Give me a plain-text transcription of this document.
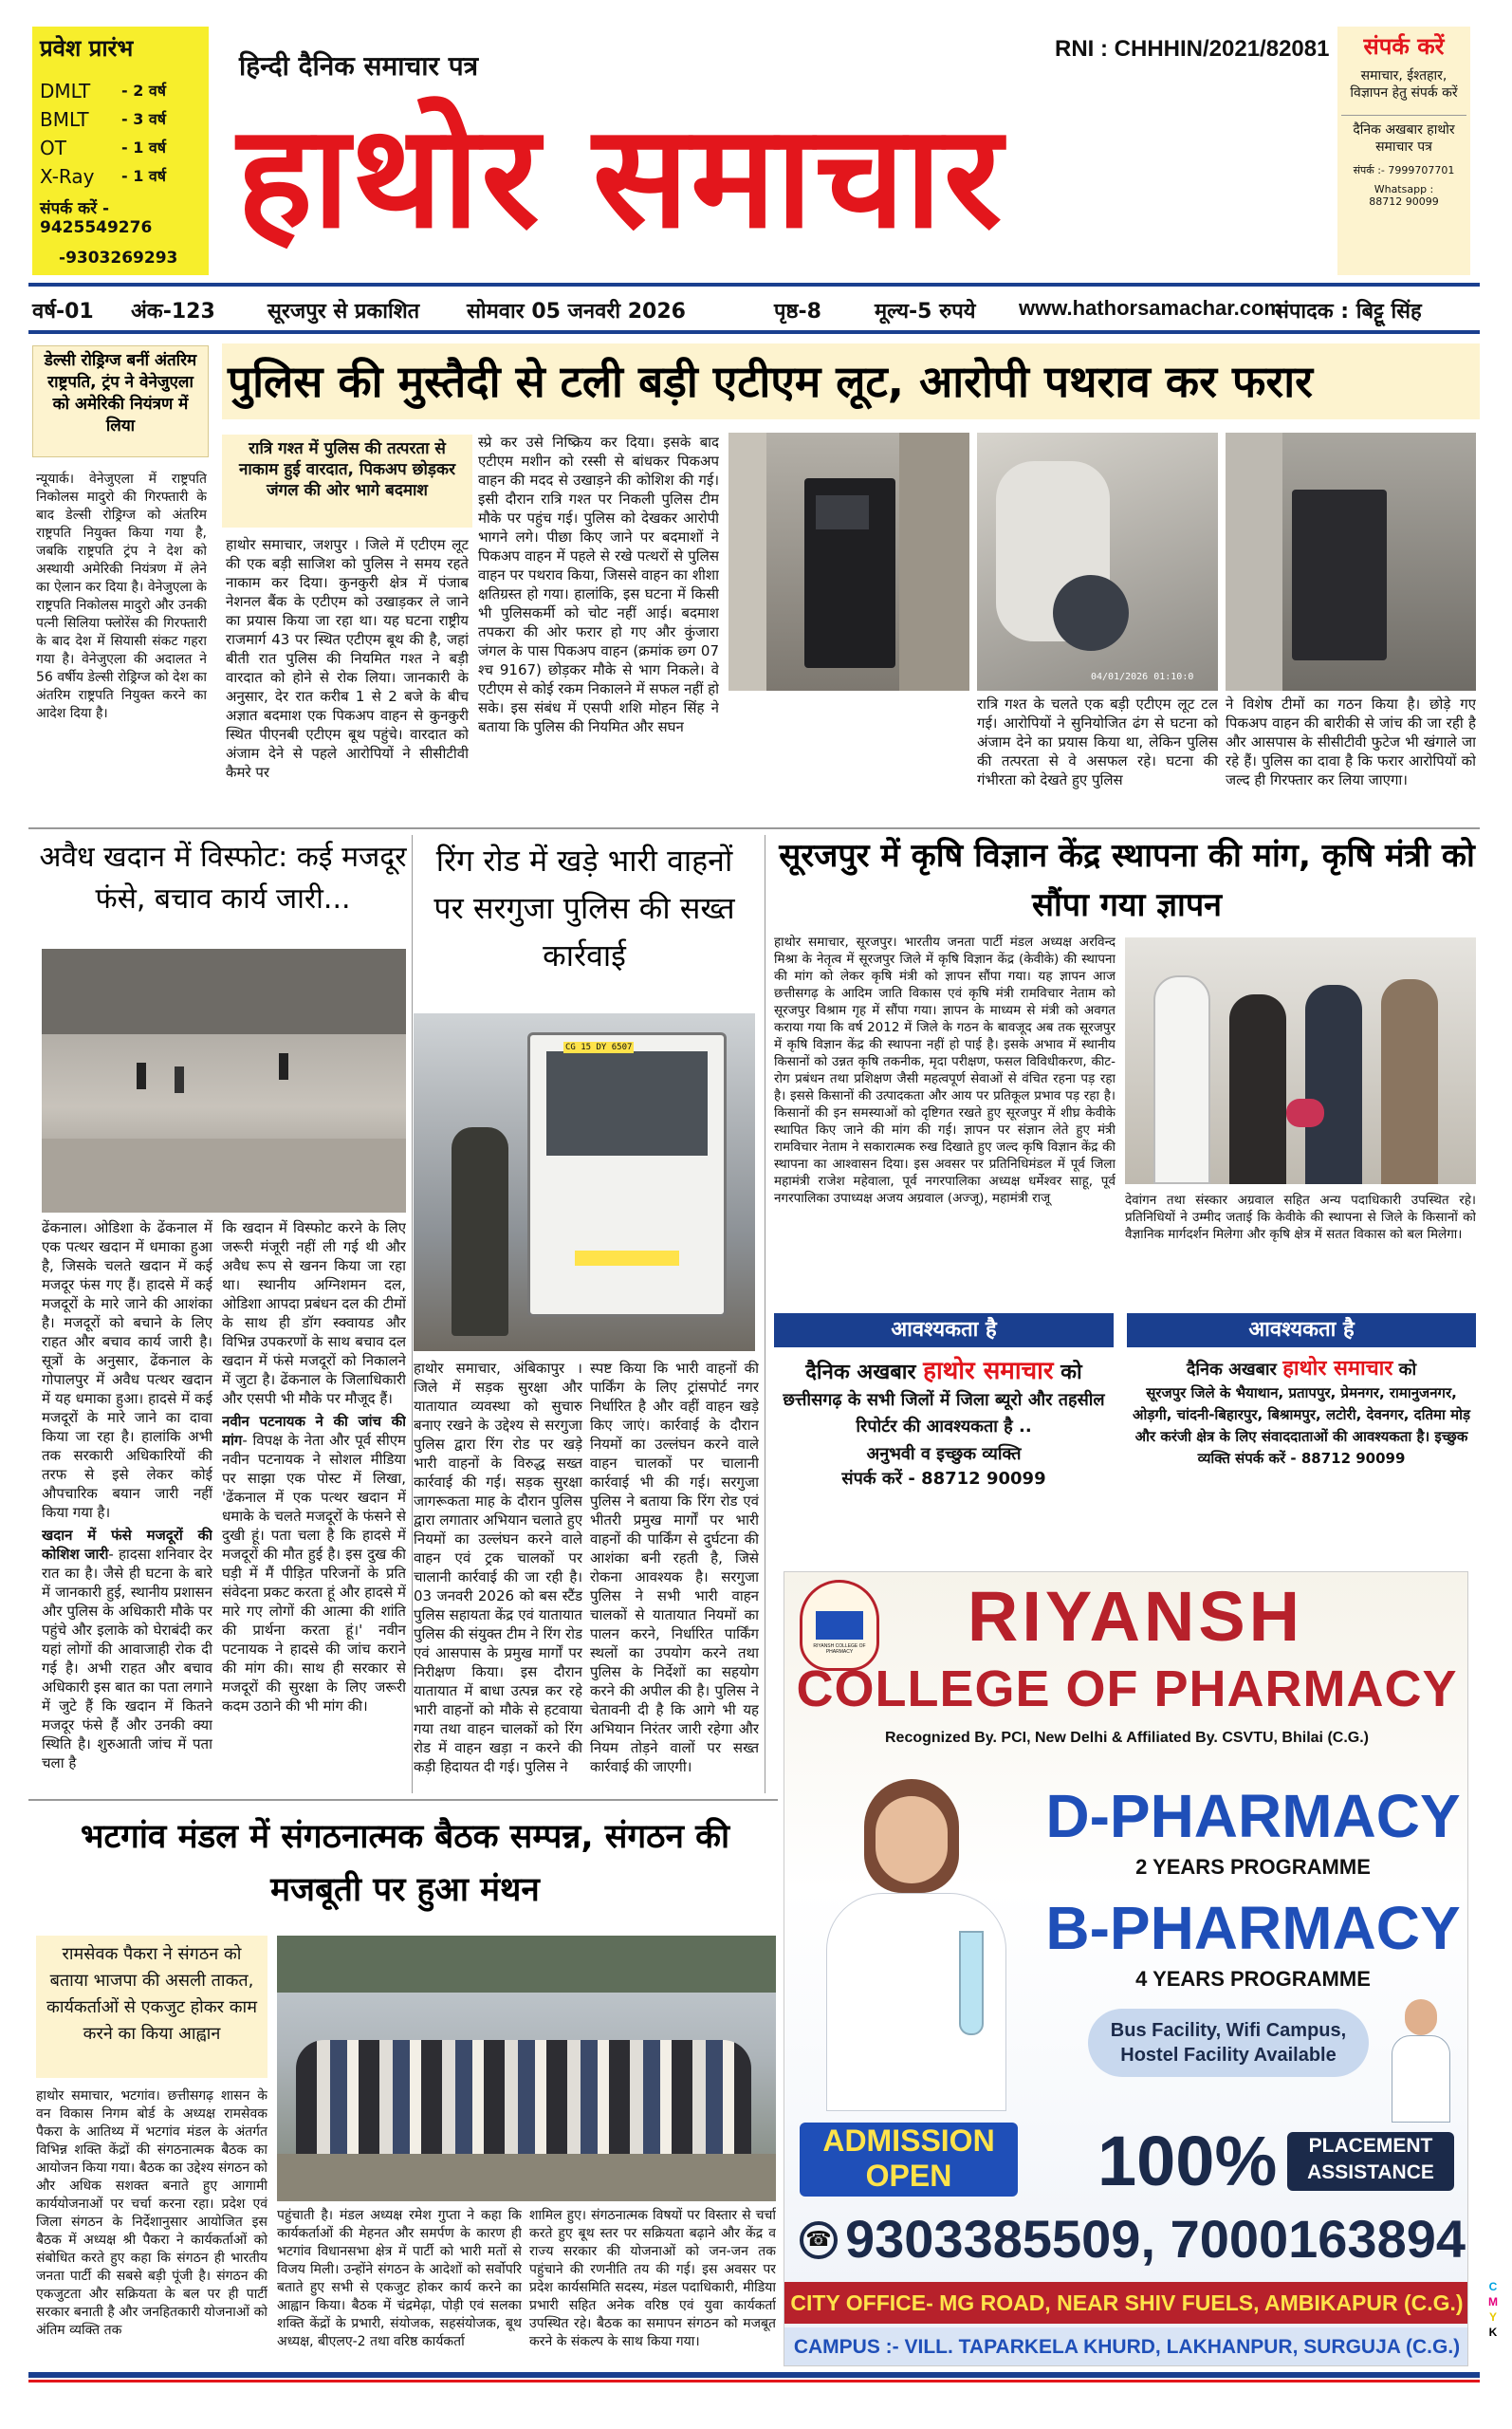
प्रवेश प्रारंभ
DMLT	- 2 वर्ष
BMLT	- 3 वर्ष
OT	- 1 वर्ष
X-Ray	- 1 वर्ष
संपर्क करें - 9425549276
-9303269293
हिन्दी दैनिक समाचार पत्र
हाथोर समाचार
RNI : CHHHIN/2021/82081	संपर्क करें
समाचार, ईश्तहार, विज्ञापन हेतु संपर्क करें
दैनिक अखबार हाथोर समाचार पत्र
संपर्क :- 7999707701
Whatsapp :
88712 90099
वर्ष-01 अंक-123	सूरजपुर से प्रकाशित सोमवार 05 जनवरी 2026	पृष्ठ-8	मूल्य-5 रुपये www.hathorsamachar.com
संपादक : बिट्टू सिंह
डेल्सी रोड्रिग्ज बनीं अंतरिम राष्ट्रपति, ट्रंप ने वेनेजुएला को अमेरिकी नियंत्रण में लिया
न्यूयार्क। वेनेजुएला में राष्ट्रपति निकोलस मादुरो की गिरफ्तारी के बाद डेल्सी रोड्रिग्ज को अंतरिम राष्ट्रपति नियुक्त किया गया है, जबकि राष्ट्रपति ट्रंप ने देश को अस्थायी अमेरिकी नियंत्रण में लेने का ऐलान कर दिया है। वेनेजुएला के राष्ट्रपति निकोलस मादुरो और उनकी पत्नी सिलिया फ्लोरेंस की गिरफ्तारी के बाद देश में सियासी संकट गहरा गया है। वेनेजुएला की अदालत ने 56 वर्षीय डेल्सी रोड्रिग्ज को देश का अंतरिम राष्ट्रपति नियुक्त करने का आदेश दिया है।
पुलिस की मुस्तैदी से टली बड़ी एटीएम लूट, आरोपी पथराव कर फरार
रात्रि गश्त में पुलिस की तत्परता से नाकाम हुई वारदात, पिकअप छोड़कर जंगल की ओर भागे बदमाश
हाथोर समाचार, जशपुर । जिले में एटीएम लूट की एक बड़ी साजिश को पुलिस ने समय रहते नाकाम कर दिया। कुनकुरी क्षेत्र में पंजाब नेशनल बैंक के एटीएम को उखाड़कर ले जाने का प्रयास किया जा रहा था। यह घटना राष्ट्रीय राजमार्ग 43 पर स्थित एटीएम बूथ की है, जहां बीती रात पुलिस की नियमित गश्त ने बड़ी वारदात को होने से रोक लिया। जानकारी के अनुसार, देर रात करीब 1 से 2 बजे के बीच अज्ञात बदमाश एक पिकअप वाहन से कुनकुरी स्थित पीएनबी एटीएम बूथ पहुंचे। वारदात को अंजाम देने से पहले आरोपियों ने सीसीटीवी कैमरे पर
स्प्रे कर उसे निष्क्रिय कर दिया। इसके बाद एटीएम मशीन को रस्सी से बांधकर पिकअप वाहन की मदद से उखाड़ने की कोशिश की गई। इसी दौरान रात्रि गश्त पर निकली पुलिस टीम मौके पर पहुंच गई। पुलिस को देखकर आरोपी भागने लगे। पीछा किए जाने पर बदमाशों ने पिकअप वाहन में पहले से रखे पत्थरों से पुलिस वाहन पर पथराव किया, जिससे वाहन का शीशा क्षतिग्रस्त हो गया। हालांकि, इस घटना में किसी भी पुलिसकर्मी को चोट नहीं आई। बदमाश तपकरा की ओर फरार हो गए और कुंजारा जंगल के पास पिकअप वाहन (क्रमांक छ्ग 07 श्च 9167) छोड़कर मौके से भाग निकले। वे एटीएम से कोई रकम निकालने में सफल नहीं हो सके। इस संबंध में एसपी शशि मोहन सिंह ने बताया कि पुलिस की नियमित और सघन
04/01/2026 01:10:0
रात्रि गश्त के चलते एक बड़ी एटीएम लूट टल गई। आरोपियों ने सुनियोजित ढंग से घटना को अंजाम देने का प्रयास किया था, लेकिन पुलिस की तत्परता से वे असफल रहे। घटना की गंभीरता को देखते हुए पुलिस
ने विशेष टीमों का गठन किया है। छोड़े गए पिकअप वाहन की बारीकी से जांच की जा रही है और आसपास के सीसीटीवी फुटेज भी खंगाले जा रहे हैं। पुलिस का दावा है कि फरार आरोपियों को जल्द ही गिरफ्तार कर लिया जाएगा।
अवैध खदान में विस्फोट: कई मजदूर फंसे, बचाव कार्य जारी...

ढेंकनाल। ओडिशा के ढेंकनाल में एक पत्थर खदान में धमाका हुआ है, जिसके चलते खदान में कई मजदूर फंस गए हैं। हादसे में कई मजदूरों के मारे जाने की आशंका है। मजदूरों को बचाने के लिए राहत और बचाव कार्य जारी है। सूत्रों के अनुसार, ढेंकनाल के गोपालपुर में अवैध पत्थर खदान में यह धमाका हुआ। हादसे में कई मजदूरों के मारे जाने का दावा किया जा रहा है। हालांकि अभी तक सरकारी अधिकारियों की तरफ से इसे लेकर कोई औपचारिक बयान जारी नहीं किया गया है।

खदान में फंसे मजदूरों की कोशिश जारी- हादसा शनिवार देर रात का है। जैसे ही घटना के बारे में जानकारी हुई, स्थानीय प्रशासन और पुलिस के अधिकारी मौके पर पहुंचे और इलाके को घेराबंदी कर यहां लोगों की आवाजाही रोक दी गई है। अभी राहत और बचाव अधिकारी इस बात का पता लगाने में जुटे हैं कि खदान में कितने मजदूर फंसे हैं और उनकी क्या स्थिति है। शुरुआती जांच में पता चला है

कि खदान में विस्फोट करने के लिए जरूरी मंजूरी नहीं ली गई थी और अवैध रूप से खनन किया जा रहा था। स्थानीय अग्निशमन दल, ओडिशा आपदा प्रबंधन दल की टीमों के साथ ही डॉग स्क्वायड और विभिन्न उपकरणों के साथ बचाव दल खदान में फंसे मजदूरों को निकालने में जुटा है। ढेंकनाल के जिलाधिकारी और एसपी भी मौके पर मौजूद हैं।

नवीन पटनायक ने की जांच की मांग- विपक्ष के नेता और पूर्व सीएम नवीन पटनायक ने सोशल मीडिया पर साझा एक पोस्ट में लिखा, 'ढेंकनाल में एक पत्थर खदान में धमाके के चलते मजदूरों के फंसने से दुखी हूं। पता चला है कि हादसे में मजदूरों की मौत हुई है। इस दुख की घड़ी में मैं पीड़ित परिजनों के प्रति संवेदना प्रकट करता हूं और हादसे में मारे गए लोगों की आत्मा की शांति की प्रार्थना करता हूं।' नवीन पटनायक ने हादसे की जांच कराने की मांग की। साथ ही सरकार से मजदूरों की सुरक्षा के लिए जरूरी कदम उठाने की भी मांग की।

रिंग रोड में खड़े भारी वाहनों पर सरगुजा पुलिस की सख्त कार्रवाई
CG 15 DY 6507
हाथोर समाचार, अंबिकापुर । जिले में सड़क सुरक्षा और यातायात व्यवस्था को सुचारु बनाए रखने के उद्देश्य से सरगुजा पुलिस द्वारा रिंग रोड पर खड़े भारी वाहनों के विरुद्ध सख्त कार्रवाई की गई। सड़क सुरक्षा जागरूकता माह के दौरान पुलिस द्वारा लगातार अभियान चलाते हुए नियमों का उल्लंघन करने वाले वाहन एवं ट्रक चालकों पर चालानी कार्रवाई की जा रही है। 03 जनवरी 2026 को बस स्टैंड पुलिस सहायता केंद्र एवं यातायात पुलिस की संयुक्त टीम ने रिंग रोड एवं आसपास के प्रमुख मार्गों पर निरीक्षण किया। इस दौरान यातायात में बाधा उत्पन्न कर रहे भारी वाहनों को मौके से हटवाया गया तथा वाहन चालकों को रिंग रोड में वाहन खड़ा न करने की कड़ी हिदायत दी गई। पुलिस ने
स्पष्ट किया कि भारी वाहनों की पार्किंग के लिए ट्रांसपोर्ट नगर निर्धारित है और वहीं वाहन खड़े किए जाएं। कार्रवाई के दौरान नियमों का उल्लंघन करने वाले वाहन चालकों पर चालानी कार्रवाई भी की गई। सरगुजा पुलिस ने बताया कि रिंग रोड एवं भीतरी प्रमुख मार्गों पर भारी वाहनों की पार्किंग से दुर्घटना की आशंका बनी रहती है, जिसे रोकना आवश्यक है। सरगुजा पुलिस ने सभी भारी वाहन चालकों से यातायात नियमों का पालन करने, निर्धारित पार्किंग स्थलों का उपयोग करने तथा पुलिस के निर्देशों का सहयोग करने की अपील की है। पुलिस ने चेतावनी दी है कि आगे भी यह अभियान निरंतर जारी रहेगा और नियम तोड़ने वालों पर सख्त कार्रवाई की जाएगी।
सूरजपुर में कृषि विज्ञान केंद्र स्थापना की मांग, कृषि मंत्री को सौंपा गया ज्ञापन
हाथोर समाचार, सूरजपुर। भारतीय जनता पार्टी मंडल अध्यक्ष अरविन्द मिश्रा के नेतृत्व में सूरजपुर जिले में कृषि विज्ञान केंद्र (केवीके) की स्थापना की मांग को लेकर कृषि मंत्री को ज्ञापन सौंपा गया। यह ज्ञापन आज छत्तीसगढ़ के आदिम जाति विकास एवं कृषि मंत्री रामविचार नेताम को सूरजपुर विश्राम गृह में सौंपा गया। ज्ञापन के माध्यम से मंत्री को अवगत कराया गया कि वर्ष 2012 में जिले के गठन के बावजूद अब तक सूरजपुर में कृषि विज्ञान केंद्र की स्थापना नहीं हो पाई है। इसके अभाव में स्थानीय किसानों को उन्नत कृषि तकनीक, मृदा परीक्षण, फसल विविधीकरण, कीट-रोग प्रबंधन तथा प्रशिक्षण जैसी महत्वपूर्ण सेवाओं से वंचित रहना पड़ रहा है। इससे किसानों की उत्पादकता और आय पर प्रतिकूल प्रभाव पड़ रहा है। किसानों की इन समस्याओं को दृष्टिगत रखते हुए सूरजपुर में शीघ्र केवीके स्थापित किए जाने की मांग की गई। ज्ञापन पर संज्ञान लेते हुए मंत्री रामविचार नेताम ने सकारात्मक रुख दिखाते हुए जल्द कृषि विज्ञान केंद्र की स्थापना का आश्वासन दिया। इस अवसर पर प्रतिनिधिमंडल में पूर्व जिला महामंत्री राजेश महेवाला, पूर्व नगरपालिका अध्यक्ष धर्मेश्वर साहू, पूर्व नगरपालिका उपाध्यक्ष अजय अग्रवाल (अज्जू), महामंत्री राजू	देवांगन तथा संस्कार अग्रवाल सहित अन्य पदाधिकारी उपस्थित रहे। प्रतिनिधियों ने उम्मीद जताई कि केवीके की स्थापना से जिले के किसानों को वैज्ञानिक मार्गदर्शन मिलेगा और कृषि क्षेत्र में सतत विकास को बल मिलेगा।
आवश्यकता है
दैनिक अखबार हाथोर समाचार को
छत्तीसगढ़ के सभी जिलों में जिला ब्यूरो और तहसील रिपोर्टर की आवश्यकता है ..
अनुभवी व इच्छुक व्यक्ति
संपर्क करें - 88712 90099
आवश्यकता है
दैनिक अखबार हाथोर समाचार को
सूरजपुर जिले के भैयाथान, प्रतापपुर, प्रेमनगर, रामानुजनगर, ओड़गी, चांदनी-बिहारपुर, बिश्रामपुर, लटोरी, देवनगर, दतिमा मोड़ और करंजी क्षेत्र के लिए संवाददाताओं की आवश्यकता है। इच्छुक व्यक्ति संपर्क करें - 88712 90099
RIYANSH COLLEGE OF PHARMACY	RIYANSH
COLLEGE OF PHARMACY
Recognized By. PCI, New Delhi & Affiliated By. CSVTU, Bhilai (C.G.)
D-PHARMACY
2 YEARS PROGRAMME
B-PHARMACY
4 YEARS PROGRAMME
Bus Facility, Wifi Campus, Hostel Facility Available
ADMISSION
OPEN	100%	PLACEMENT
ASSISTANCE
☎ 9303385509, 7000163894
CITY OFFICE- MG ROAD, NEAR SHIV FUELS, AMBIKAPUR (C.G.)
CAMPUS :- VILL. TAPARKELA KHURD, LAKHANPUR, SURGUJA (C.G.)
भटगांव मंडल में संगठनात्मक बैठक सम्पन्न, संगठन की मजबूती पर हुआ मंथन
रामसेवक पैकरा ने संगठन को बताया भाजपा की असली ताकत, कार्यकर्ताओं से एकजुट होकर काम करने का किया आह्वान
हाथोर समाचार, भटगांव। छत्तीसगढ़ शासन के वन विकास निगम बोर्ड के अध्यक्ष रामसेवक पैकरा के आतिथ्य में भटगांव मंडल के अंतर्गत विभिन्न शक्ति केंद्रों की संगठनात्मक बैठक का आयोजन किया गया। बैठक का उद्देश्य संगठन को और अधिक सशक्त बनाते हुए आगामी कार्ययोजनाओं पर चर्चा करना रहा। प्रदेश एवं जिला संगठन के निर्देशानुसार आयोजित इस बैठक में अध्यक्ष श्री पैकरा ने कार्यकर्ताओं को संबोधित करते हुए कहा कि संगठन ही भारतीय जनता पार्टी की सबसे बड़ी पूंजी है। संगठन की एकजुटता और सक्रियता के बल पर ही पार्टी सरकार बनाती है और जनहितकारी योजनाओं को अंतिम व्यक्ति तक
पहुंचाती है। मंडल अध्यक्ष रमेश गुप्ता ने कहा कि कार्यकर्ताओं की मेहनत और समर्पण के कारण ही भटगांव विधानसभा क्षेत्र में पार्टी को भारी मतों से विजय मिली। उन्होंने संगठन के आदेशों को सर्वोपरि बताते हुए सभी से एकजुट होकर कार्य करने का आह्वान किया। बैठक में चंद्रमेढ़ा, पोड़ी एवं सलका शक्ति केंद्रों के प्रभारी, संयोजक, सहसंयोजक, बूथ अध्यक्ष, बीएलए-2 तथा वरिष्ठ कार्यकर्ता
शामिल हुए। संगठनात्मक विषयों पर विस्तार से चर्चा करते हुए बूथ स्तर पर सक्रियता बढ़ाने और केंद्र व राज्य सरकार की योजनाओं को जन-जन तक पहुंचाने की रणनीति तय की गई। इस अवसर पर प्रदेश कार्यसमिति सदस्य, मंडल पदाधिकारी, मीडिया प्रभारी सहित अनेक वरिष्ठ एवं युवा कार्यकर्ता उपस्थित रहे। बैठक का समापन संगठन को मजबूत करने के संकल्प के साथ किया गया।
C
M
Y
K
